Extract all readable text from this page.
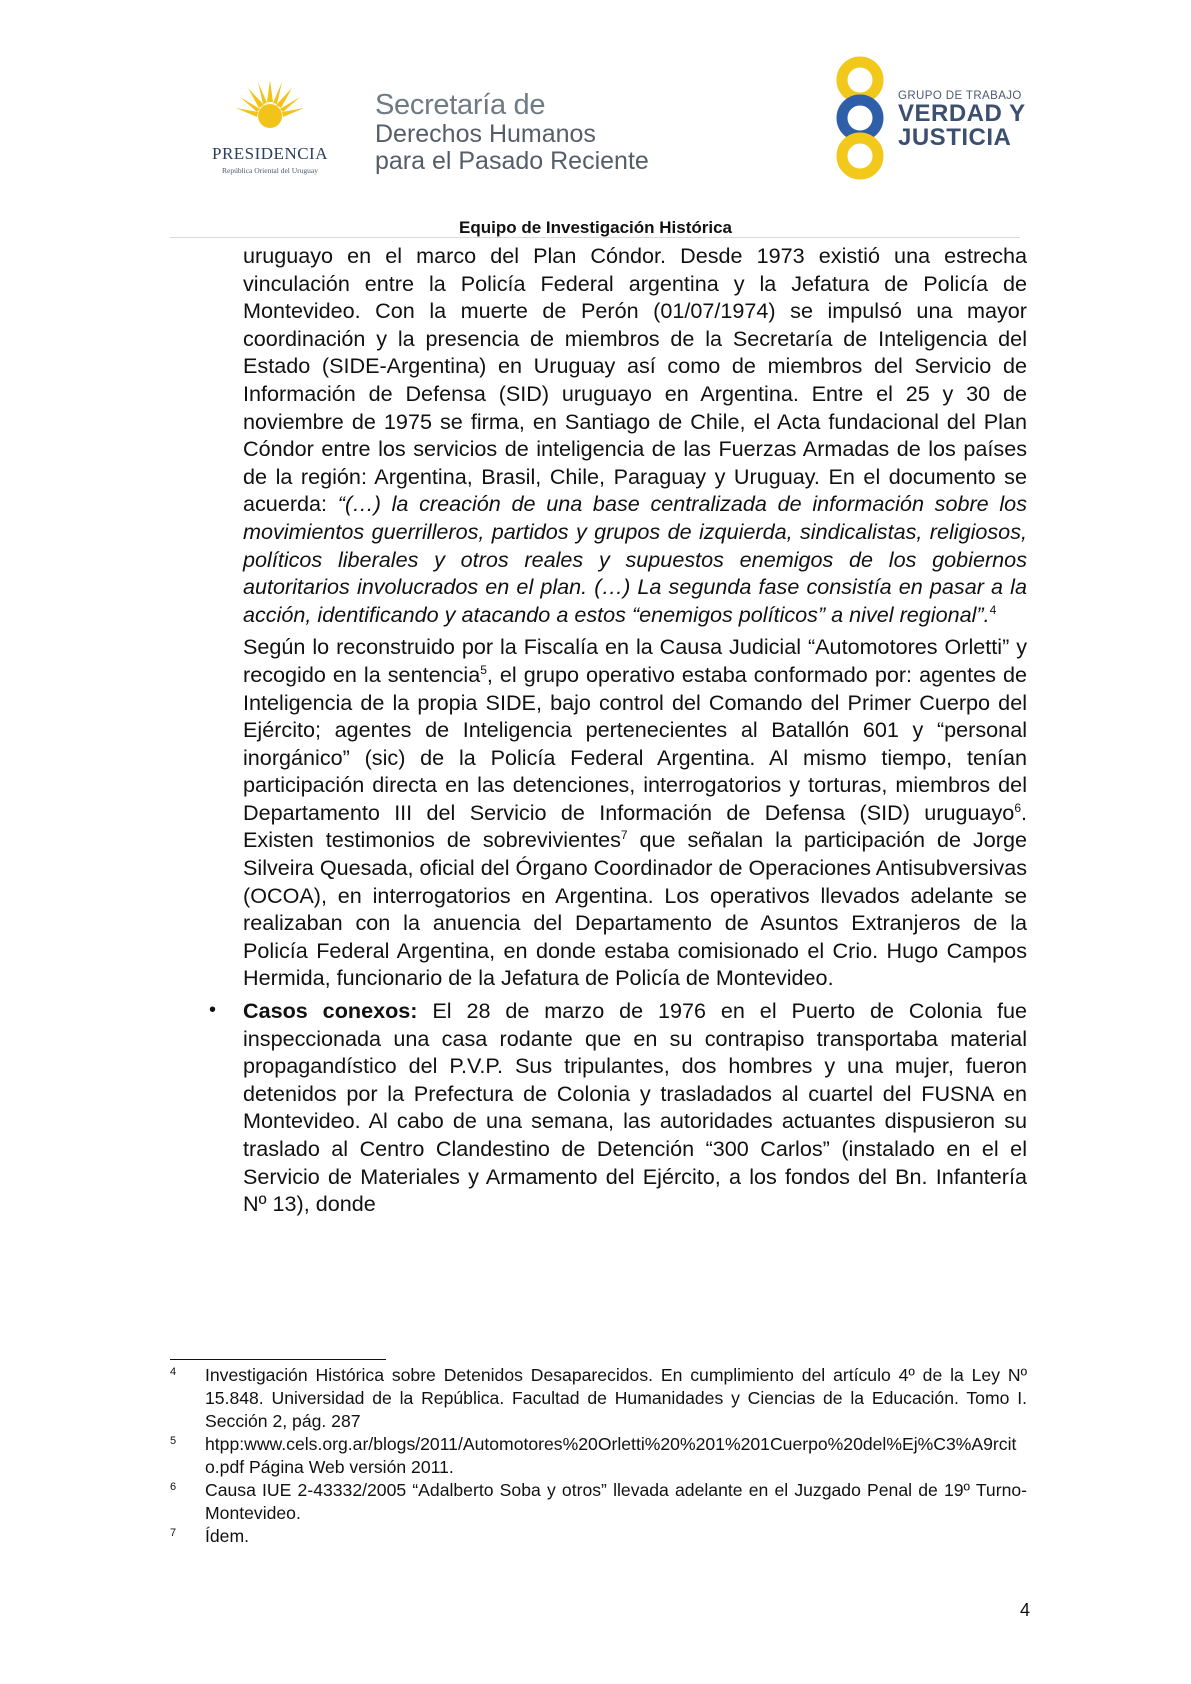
PRESIDENCIA
República Oriental del Uruguay
Secretaría de
Derechos Humanos
para el Pasado Reciente
GRUPO DE TRABAJO
VERDAD Y
JUSTICIA
Equipo de Investigación Histórica

uruguayo en el marco del Plan Cóndor. Desde 1973 existió una estrecha vinculación entre la Policía Federal argentina y la Jefatura de Policía de Montevideo. Con la muerte de Perón (01/07/1974) se impulsó una mayor coordinación y la presencia de miembros de la Secretaría de Inteligencia del Estado (SIDE-Argentina) en Uruguay así como de miembros del Servicio de Información de Defensa (SID) uruguayo en Argentina. Entre el 25 y 30 de noviembre de 1975 se firma, en Santiago de Chile, el Acta fundacional del Plan Cóndor entre los servicios de inteligencia de las Fuerzas Armadas de los países de la región: Argentina, Brasil, Chile, Paraguay y Uruguay. En el documento se acuerda: “(…) la creación de una base centralizada de información sobre los movimientos guerrilleros, partidos y grupos de izquierda, sindicalistas, religiosos, políticos liberales y otros reales y supuestos enemigos de los gobiernos autoritarios involucrados en el plan. (…) La segunda fase consistía en pasar a la acción, identificando y atacando a estos “enemigos políticos” a nivel regional”.$^4$

Según lo reconstruido por la Fiscalía en la Causa Judicial “Automotores Orletti” y recogido en la sentencia$^5$, el grupo operativo estaba conformado por: agentes de Inteligencia de la propia SIDE, bajo control del Comando del Primer Cuerpo del Ejército; agentes de Inteligencia pertenecientes al Batallón 601 y “personal inorgánico” (sic) de la Policía Federal Argentina. Al mismo tiempo, tenían participación directa en las detenciones, interrogatorios y torturas, miembros del Departamento III del Servicio de Información de Defensa (SID) uruguayo$^6$. Existen testimonios de sobrevivientes$^7$ que señalan la participación de Jorge Silveira Quesada, oficial del Órgano Coordinador de Operaciones Antisubversivas (OCOA), en interrogatorios en Argentina. Los operativos llevados adelante se realizaban con la anuencia del Departamento de Asuntos Extranjeros de la Policía Federal Argentina, en donde estaba comisionado el Crio. Hugo Campos Hermida, funcionario de la Jefatura de Policía de Montevideo.

• Casos conexos: El 28 de marzo de 1976 en el Puerto de Colonia fue inspeccionada una casa rodante que en su contrapiso transportaba material propagandístico del P.V.P. Sus tripulantes, dos hombres y una mujer, fueron detenidos por la Prefectura de Colonia y trasladados al cuartel del FUSNA en Montevideo. Al cabo de una semana, las autoridades actuantes dispusieron su traslado al Centro Clandestino de Detención “300 Carlos” (instalado en el el Servicio de Materiales y Armamento del Ejército, a los fondos del Bn. Infantería Nº 13), donde

4 Investigación Histórica sobre Detenidos Desaparecidos. En cumplimiento del artículo 4º de la Ley Nº 15.848. Universidad de la República. Facultad de Humanidades y Ciencias de la Educación. Tomo I. Sección 2, pág. 287
5 htpp:www.cels.org.ar/blogs/2011/Automotores%20Orletti%20%201%201Cuerpo%20del%Ej%C3%A9rcito.pdf Página Web versión 2011.
6 Causa IUE 2-43332/2005 “Adalberto Soba y otros” llevada adelante en el Juzgado Penal de 19º Turno-Montevideo.
7 Ídem.
4
